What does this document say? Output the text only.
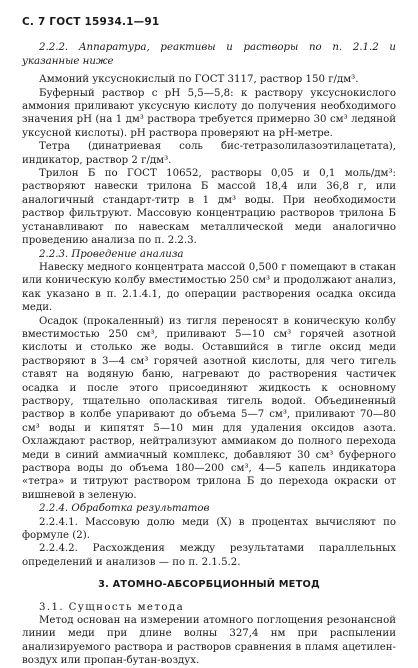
С. 7 ГОСТ 15934.1—91

2.2.2. Аппаратура, реактивы и растворы по п. 2.1.2 и указанные ниже

Аммоний уксуснокислый по ГОСТ 3117, раствор 150 г/дм³.

Буферный раствор с pH 5,5—5,8: к раствору уксуснокислого аммония приливают уксусную кислоту до получения необходимого значения pH (на 1 дм³ раствора требуется примерно 30 см³ ледяной уксусной кислоты). pH раствора проверяют на pH-метре.

Тетра (динатриевая соль бис-тетразолилазоэтилацетата), индикатор, раствор 2 г/дм³.

Трилон Б по ГОСТ 10652, растворы 0,05 и 0,1 моль/дм³: растворяют навески трилона Б массой 18,4 или 36,8 г, или аналогичный стандарт-титр в 1 дм³ воды. При необходимости раствор фильтруют. Массовую концентрацию растворов трилона Б устанавливают по навескам металлической меди аналогично проведению анализа по п. 2.2.3.

2.2.3. Проведение анализа

Навеску медного концентрата массой 0,500 г помещают в стакан или коническую колбу вместимостью 250 см³ и продолжают анализ, как указано в п. 2.1.4.1, до операции растворения осадка оксида меди.

Осадок (прокаленный) из тигля переносят в коническую колбу вместимостью 250 см³, приливают 5—10 см³ горячей азотной кислоты и столько же воды. Оставшийся в тигле оксид меди растворяют в 3—4 см³ горячей азотной кислоты, для чего тигель ставят на водяную баню, нагревают до растворения частичек осадка и после этого присоединяют жидкость к основному раствору, тщательно ополаскивая тигель водой. Объединенный раствор в колбе упаривают до объема 5—7 см³, приливают 70—80 см³ воды и кипятят 5—10 мин для удаления оксидов азота. Охлаждают раствор, нейтрализуют аммиаком до полного перехода меди в синий аммиачный комплекс, добавляют 30 см³ буферного раствора воды до объема 180—200 см³, 4—5 капель индикатора «тетра» и титруют раствором трилона Б до перехода окраски от вишневой в зеленую.

2.2.4. Обработка результатов

2.2.4.1. Массовую долю меди (X) в процентах вычисляют по формуле (2).

2.2.4.2. Расхождения между результатами параллельных определений и анализов — по п. 2.1.5.2.

3. АТОМНО-АБСОРБЦИОННЫЙ МЕТОД

3.1. Сущность метода

Метод основан на измерении атомного поглощения резонансной линии меди при длине волны 327,4 нм при распылении анализируемого раствора и растворов сравнения в пламя ацетилен-воздух или пропан-бутан-воздух.
